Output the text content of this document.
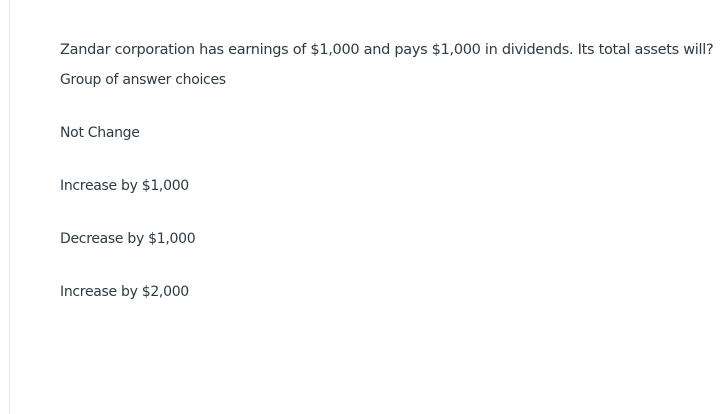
Zandar corporation has earnings of $1,000 and pays $1,000 in dividends. Its total assets will?
Group of answer choices
Not Change
Increase by $1,000
Decrease by $1,000
Increase by $2,000
